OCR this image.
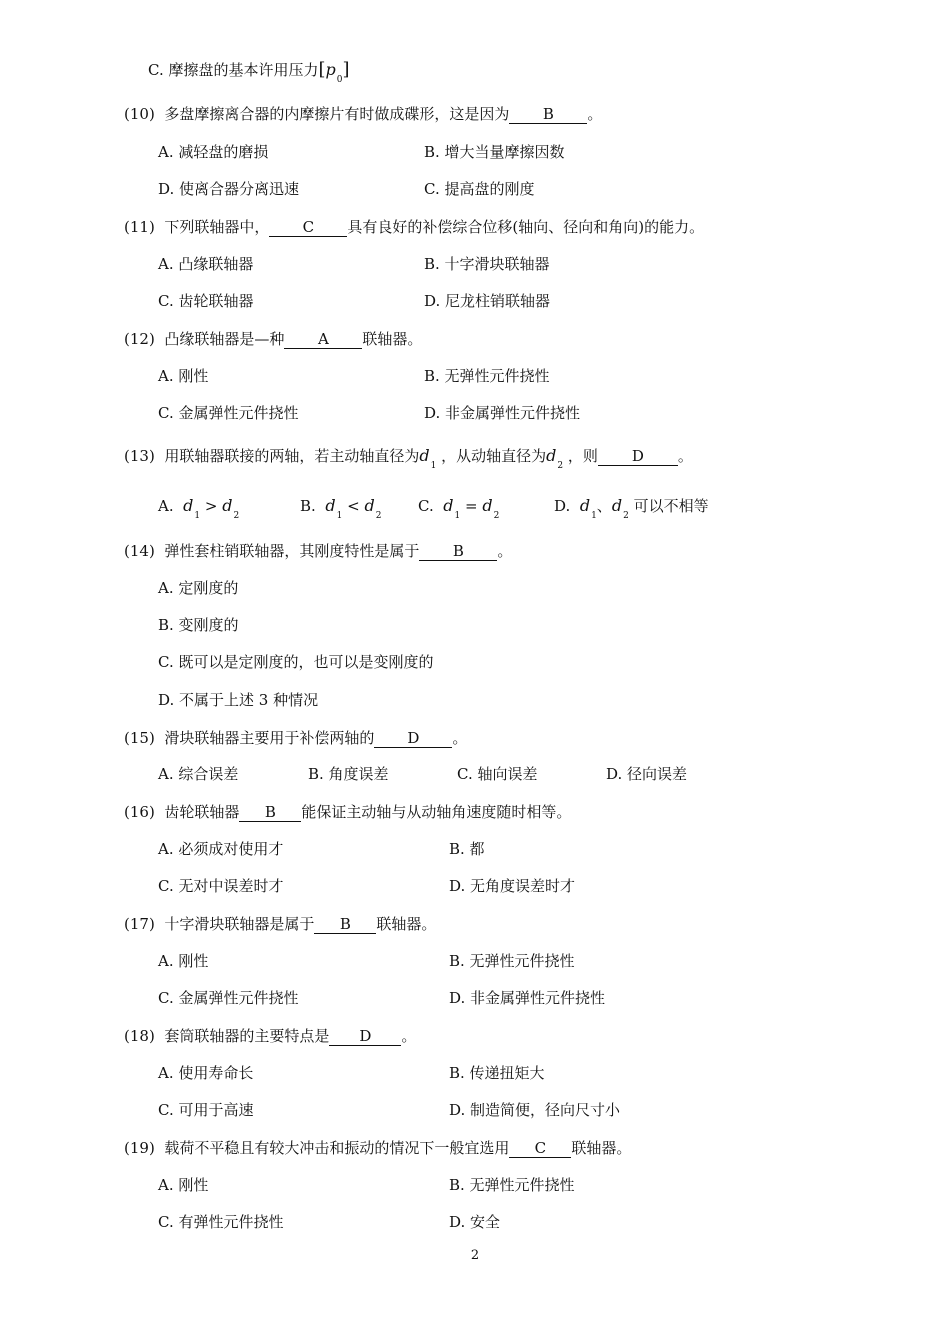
C. 摩擦盘的基本许用压力$[p_0]$
(10) 多盘摩擦离合器的内摩擦片有时做成碟形，这是因为 B 。
A. 减轻盘的磨损	B. 增大当量摩擦因数
D. 使离合器分离迅速	C. 提高盘的刚度
(11) 下列联轴器中， C 具有良好的补偿综合位移(轴向、径向和角向)的能力。
A. 凸缘联轴器	B. 十字滑块联轴器
C. 齿轮联轴器	D. 尼龙柱销联轴器
(12) 凸缘联轴器是—种 A 联轴器。
A. 刚性	B. 无弹性元件挠性
C. 金属弹性元件挠性	D. 非金属弹性元件挠性
(13) 用联轴器联接的两轴，若主动轴直径为$d_1$ ，从动轴直径为$d_2$ ，则 D 。
A. $d_1 > d_2$
B. $d_1 < d_2$
C. $d_1 = d_2$
D. $d_1$、$d_2$ 可以不相等
(14) 弹性套柱销联轴器，其刚度特性是属于 B 。
A. 定刚度的
B. 变刚度的
C. 既可以是定刚度的，也可以是变刚度的
D. 不属于上述 3 种情况
(15) 滑块联轴器主要用于补偿两轴的 D 。
A. 综合误差	B. 角度误差	C. 轴向误差	D. 径向误差
(16) 齿轮联轴器 B 能保证主动轴与从动轴角速度随时相等。
A. 必须成对使用才	B. 都
C. 无对中误差时才	D. 无角度误差时才
(17) 十字滑块联轴器是属于 B 联轴器。
A. 刚性	B. 无弹性元件挠性
C. 金属弹性元件挠性	D. 非金属弹性元件挠性
(18) 套筒联轴器的主要特点是 D 。
A. 使用寿命长	B. 传递扭矩大
C. 可用于高速	D. 制造简便，径向尺寸小
(19) 载荷不平稳且有较大冲击和振动的情况下一般宜选用 C 联轴器。
A. 刚性	B. 无弹性元件挠性
C. 有弹性元件挠性	D. 安全
2
